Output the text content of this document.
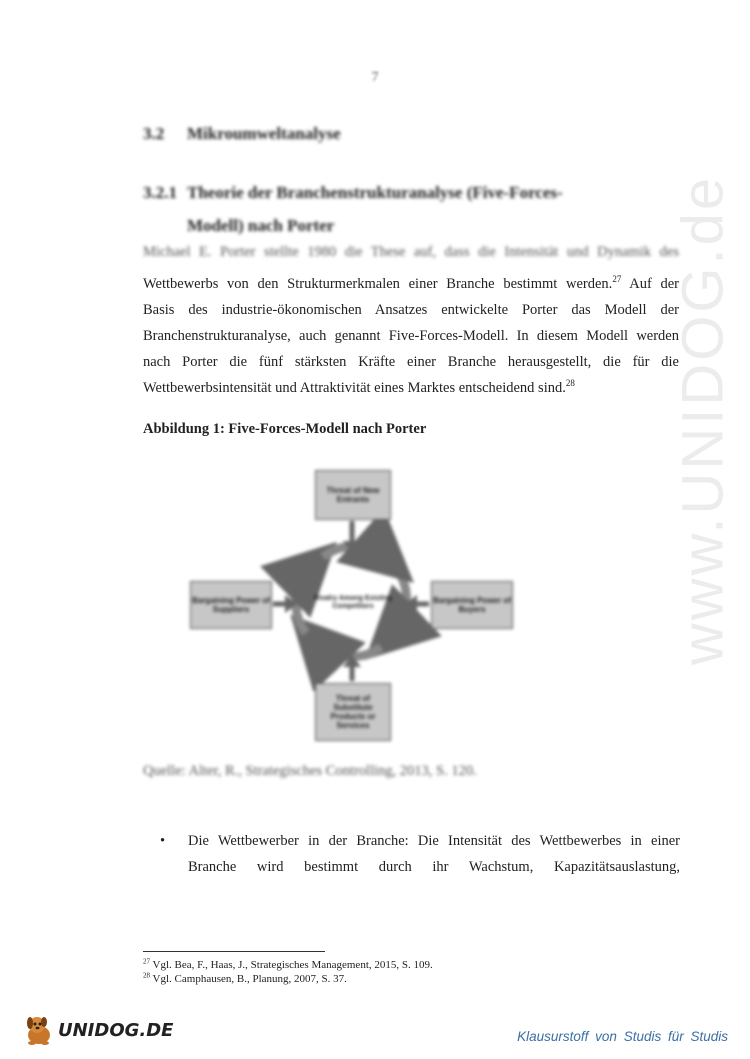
www.UNIDOG.de
7
3.2 Mikroumweltanalyse
3.2.1 Theorie der Branchenstrukturanalyse (Five-Forces-
Modell) nach Porter
Michael E. Porter stellte 1980 die These auf, dass die Intensität und Dynamik des
Wettbewerbs von den Strukturmerkmalen einer Branche bestimmt werden.$^{27}$ Auf der
Basis des industrie-ökonomischen Ansatzes entwickelte Porter das Modell der
Branchenstrukturanalyse, auch genannt Five-Forces-Modell. In diesem Modell werden
nach Porter die fünf stärksten Kräfte einer Branche herausgestellt, die für die
Wettbewerbsintensität und Attraktivität eines Marktes entscheidend sind.$^{28}$
Abbildung 1: Five-Forces-Modell nach Porter
Threat of New Entrants
Bargaining Power of Suppliers
Bargaining Power of Buyers
Threat of Substitute Products or Services
Rivalry Among Existing Competitors
Quelle: Alter, R., Strategisches Controlling, 2013, S. 120.
• Die Wettbewerber in der Branche: Die Intensität des Wettbewerbes in einer
Branche wird bestimmt durch ihr Wachstum, Kapazitätsauslastung,
$^{27}$ Vgl. Bea, F., Haas, J., Strategisches Management, 2015, S. 109.
$^{28}$ Vgl. Camphausen, B., Planung, 2007, S. 37.
UNIDOG.DE	Klausurstoff von Studis für Studis
